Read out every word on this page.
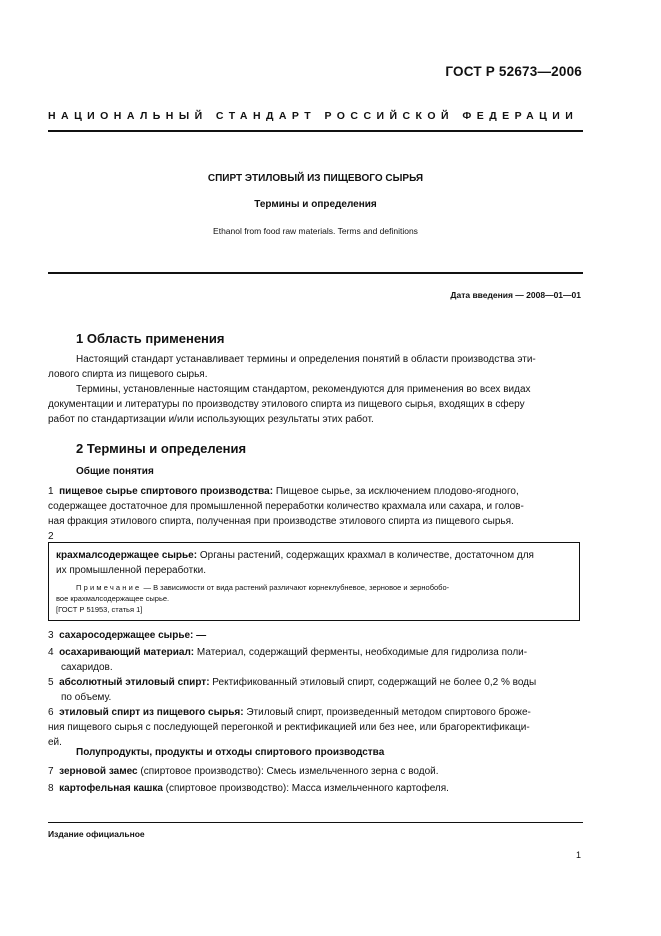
ГОСТ Р 52673—2006
НАЦИОНАЛЬНЫЙ СТАНДАРТ РОССИЙСКОЙ ФЕДЕРАЦИИ
СПИРТ ЭТИЛОВЫЙ ИЗ ПИЩЕВОГО СЫРЬЯ
Термины и определения
Ethanol from food raw materials. Terms and definitions
Дата введения — 2008—01—01
1 Область применения
Настоящий стандарт устанавливает термины и определения понятий в области производства эти-
лового спирта из пищевого сырья.
Термины, установленные настоящим стандартом, рекомендуются для применения во всех видах
документации и литературы по производству этилового спирта из пищевого сырья, входящих в сферу
работ по стандартизации и/или использующих результаты этих работ.
2 Термины и определения
Общие понятия
1 пищевое сырье спиртового производства: Пищевое сырье, за исключением плодово-ягодного,
содержащее достаточное для промышленной переработки количество крахмала или сахара, и голов-
ная фракция этилового спирта, полученная при производстве этилового спирта из пищевого сырья.
2
крахмалсодержащее сырье: Органы растений, содержащих крахмал в количестве, достаточном для
их промышленной переработки.
Примечание — В зависимости от вида растений различают корнеклубневое, зерновое и зернобобо-
вое крахмалсодержащее сырье.
[ГОСТ Р 51953, статья 1]
3 сахаросодержащее сырье: —
4 осахаривающий материал: Материал, содержащий ферменты, необходимые для гидролиза поли-
сахаридов.
5 абсолютный этиловый спирт: Ректификованный этиловый спирт, содержащий не более 0,2 % воды
по объему.
6 этиловый спирт из пищевого сырья: Этиловый спирт, произведенный методом спиртового броже-
ния пищевого сырья с последующей перегонкой и ректификацией или без нее, или брагоректификаци-
ей.
Полупродукты, продукты и отходы спиртового производства
7 зерновой замес (спиртовое производство): Смесь измельченного зерна с водой.
8 картофельная кашка (спиртовое производство): Масса измельченного картофеля.
Издание официальное
1
